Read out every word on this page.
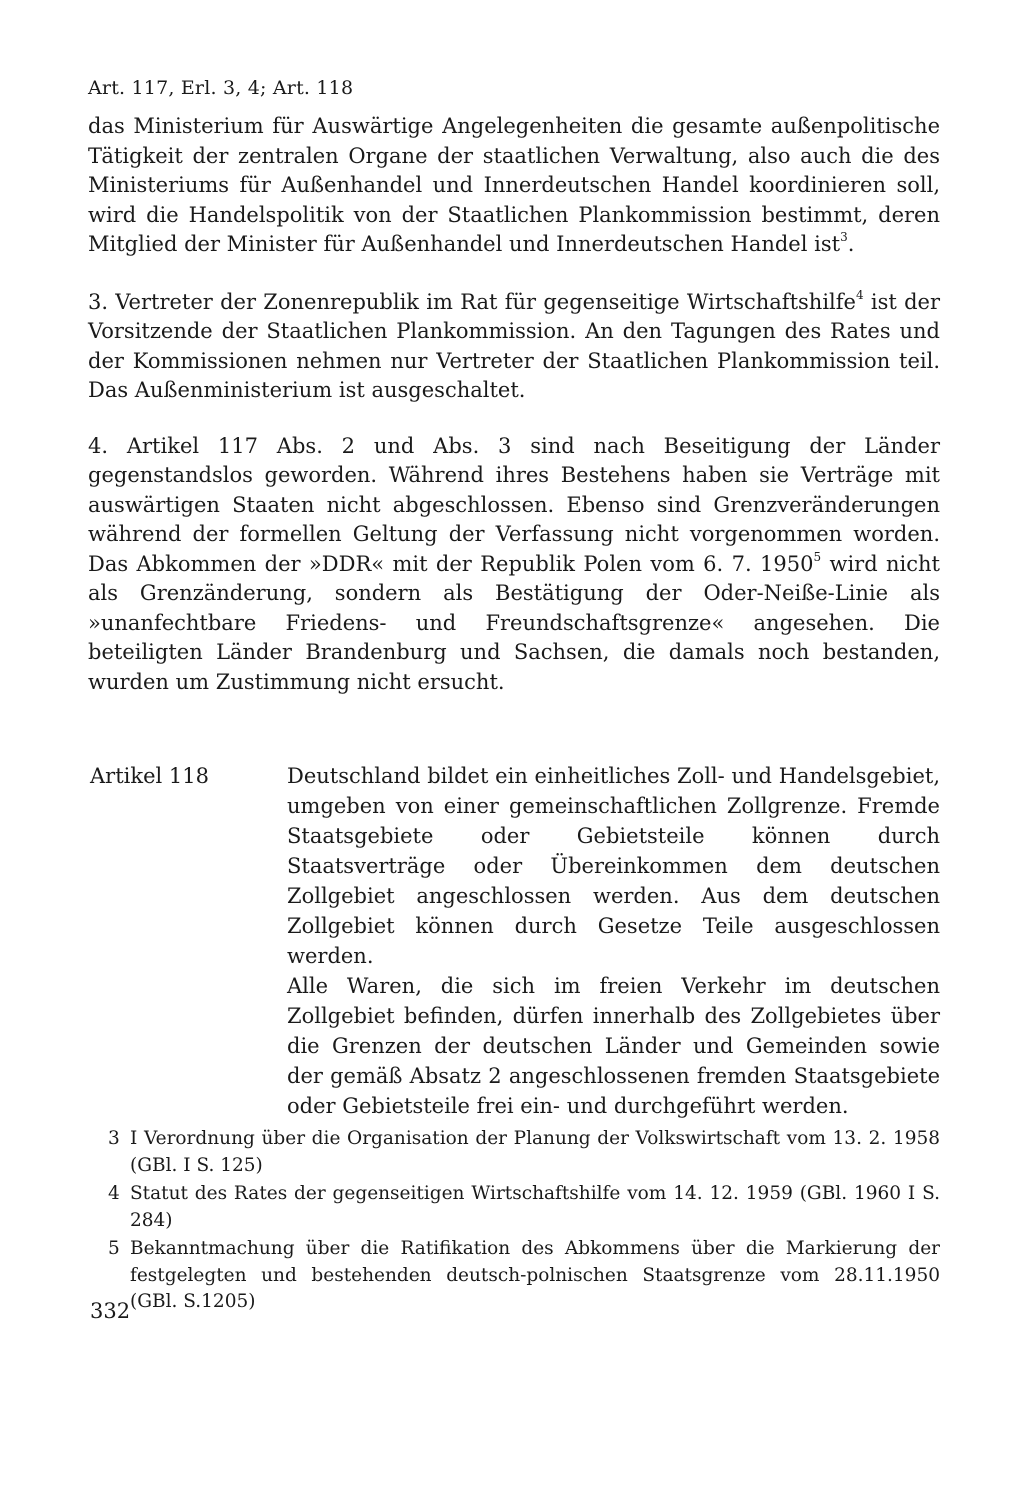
Art. 117, Erl. 3, 4; Art. 118

das Ministerium für Auswärtige Angelegenheiten die gesamte außenpolitische Tätigkeit der zentralen Organe der staatlichen Verwaltung, also auch die des Ministeriums für Außenhandel und Innerdeutschen Handel koordinieren soll, wird die Handelspolitik von der Staatlichen Plankommission bestimmt, deren Mitglied der Minister für Außenhandel und Innerdeutschen Handel ist$^3$.

3. Vertreter der Zonenrepublik im Rat für gegenseitige Wirtschaftshilfe$^4$ ist der Vorsitzende der Staatlichen Plankommission. An den Tagungen des Rates und der Kommissionen nehmen nur Vertreter der Staatlichen Plankommission teil. Das Außenministerium ist ausgeschaltet.

4. Artikel 117 Abs. 2 und Abs. 3 sind nach Beseitigung der Länder gegenstandslos geworden. Während ihres Bestehens haben sie Verträge mit auswärtigen Staaten nicht abgeschlossen. Ebenso sind Grenzveränderungen während der formellen Geltung der Verfassung nicht vorgenommen worden. Das Abkommen der »DDR« mit der Republik Polen vom 6. 7. 1950$^5$ wird nicht als Grenzänderung, sondern als Bestätigung der Oder-Neiße-Linie als »unanfechtbare Friedens- und Freundschaftsgrenze« angesehen. Die beteiligten Länder Brandenburg und Sachsen, die damals noch bestanden, wurden um Zustimmung nicht ersucht.

Artikel 118	Deutschland bildet ein einheitliches Zoll- und Handelsgebiet, umgeben von einer gemeinschaftlichen Zollgrenze. Fremde Staatsgebiete oder Gebietsteile können durch Staatsverträge oder Übereinkommen dem deutschen Zollgebiet angeschlossen werden. Aus dem deutschen Zollgebiet können durch Gesetze Teile ausgeschlossen werden.

Alle Waren, die sich im freien Verkehr im deutschen Zollgebiet befinden, dürfen innerhalb des Zollgebietes über die Grenzen der deutschen Länder und Gemeinden sowie der gemäß Absatz 2 angeschlossenen fremden Staatsgebiete oder Gebietsteile frei ein- und durchgeführt werden.

3 I Verordnung über die Organisation der Planung der Volkswirtschaft vom 13. 2. 1958 (GBl. I S. 125)

4 Statut des Rates der gegenseitigen Wirtschaftshilfe vom 14. 12. 1959 (GBl. 1960 I S. 284)

5 Bekanntmachung über die Ratifikation des Abkommens über die Markierung der festgelegten und bestehenden deutsch-polnischen Staatsgrenze vom 28.11.1950 (GBl. S.1205)

332
